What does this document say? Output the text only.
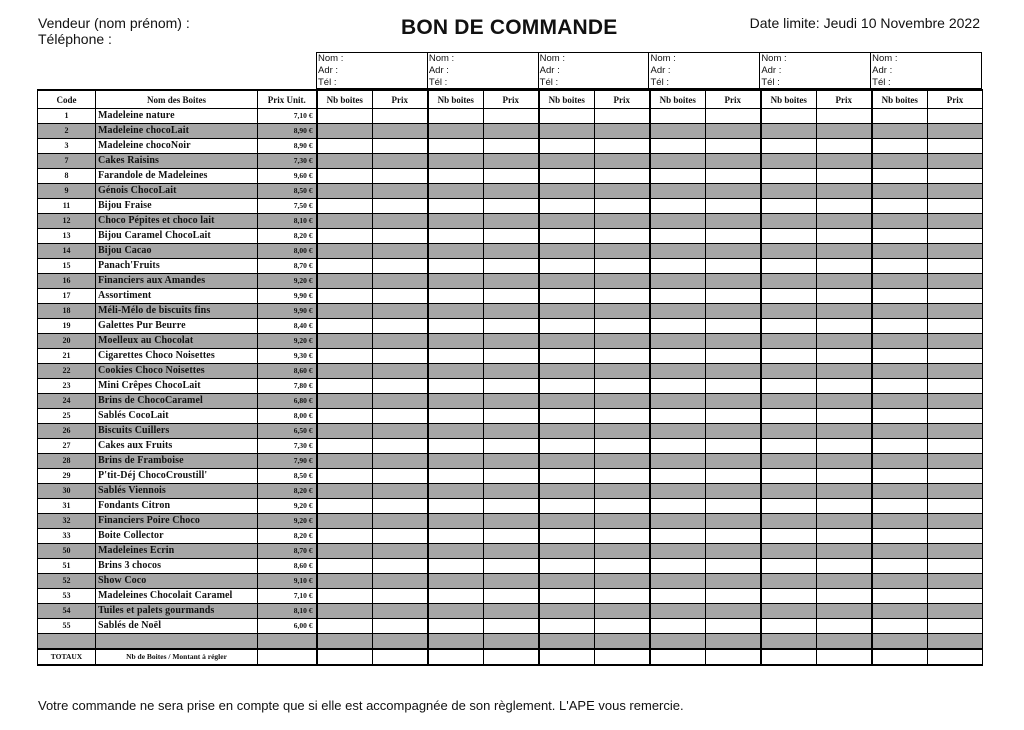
Vendeur (nom prénom) :
Téléphone :	BON DE COMMANDE	Date limite: Jeudi 10 Novembre 2022
Nom :
Adr :
Tél :
Nom :
Adr :
Tél :
Nom :
Adr :
Tél :
Nom :
Adr :
Tél :
Nom :
Adr :
Tél :
Nom :
Adr :
Tél :
Code	Nom des Boites	Prix Unit.	Nb boites	Prix	Nb boites	Prix	Nb boites	Prix	Nb boites	Prix	Nb boites	Prix	Nb boites	Prix
1	Madeleine nature	7,10 €												
2	Madeleine chocoLait	8,90 €												
3	Madeleine chocoNoir	8,90 €												
7	Cakes Raisins	7,30 €												
8	Farandole de Madeleines	9,60 €												
9	Génois ChocoLait	8,50 €												
11	Bijou Fraise	7,50 €												
12	Choco Pépites et choco lait	8,10 €												
13	Bijou Caramel ChocoLait	8,20 €												
14	Bijou Cacao	8,00 €												
15	Panach'Fruits	8,70 €												
16	Financiers aux Amandes	9,20 €												
17	Assortiment	9,90 €												
18	Méli-Mélo de biscuits fins	9,90 €												
19	Galettes Pur Beurre	8,40 €												
20	Moelleux au Chocolat	9,20 €												
21	Cigarettes Choco Noisettes	9,30 €												
22	Cookies Choco Noisettes	8,60 €												
23	Mini Crêpes ChocoLait	7,80 €												
24	Brins de ChocoCaramel	6,80 €												
25	Sablés CocoLait	8,00 €												
26	Biscuits Cuillers	6,50 €												
27	Cakes aux Fruits	7,30 €												
28	Brins de Framboise	7,90 €												
29	P'tit-Déj ChocoCroustill'	8,50 €												
30	Sablés Viennois	8,20 €												
31	Fondants Citron	9,20 €												
32	Financiers Poire Choco	9,20 €												
33	Boite Collector	8,20 €												
50	Madeleines Ecrin	8,70 €												
51	Brins 3 chocos	8,60 €												
52	Show Coco	9,10 €												
53	Madeleines Chocolait Caramel	7,10 €												
54	Tuiles et palets gourmands	8,10 €												
55	Sablés de Noël	6,00 €												

TOTAUX	Nb de Boites / Montant à régler													
Votre commande ne sera prise en compte que si elle est accompagnée de son règlement. L'APE vous remercie.
